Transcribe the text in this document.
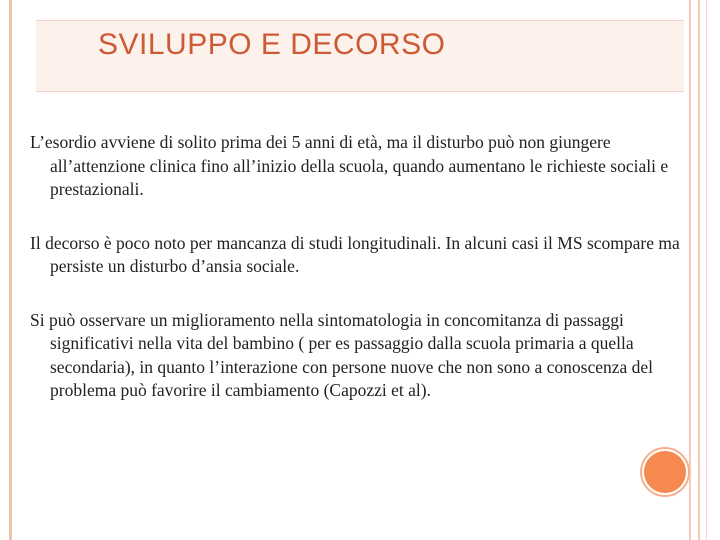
SVILUPPO E DECORSO

L’esordio avviene di solito prima dei 5 anni di età, ma il disturbo può non giungere all’attenzione clinica fino all’inizio della scuola, quando aumentano le richieste sociali e prestazionali.

Il decorso è poco noto per mancanza di studi longitudinali. In alcuni casi il MS scompare ma persiste un disturbo d’ansia sociale.

Si può osservare un miglioramento nella sintomatologia in concomitanza di passaggi significativi nella vita del bambino ( per es passaggio dalla scuola primaria a quella secondaria), in quanto l’interazione con persone nuove che non sono a conoscenza del problema può favorire il cambiamento (Capozzi et al).
